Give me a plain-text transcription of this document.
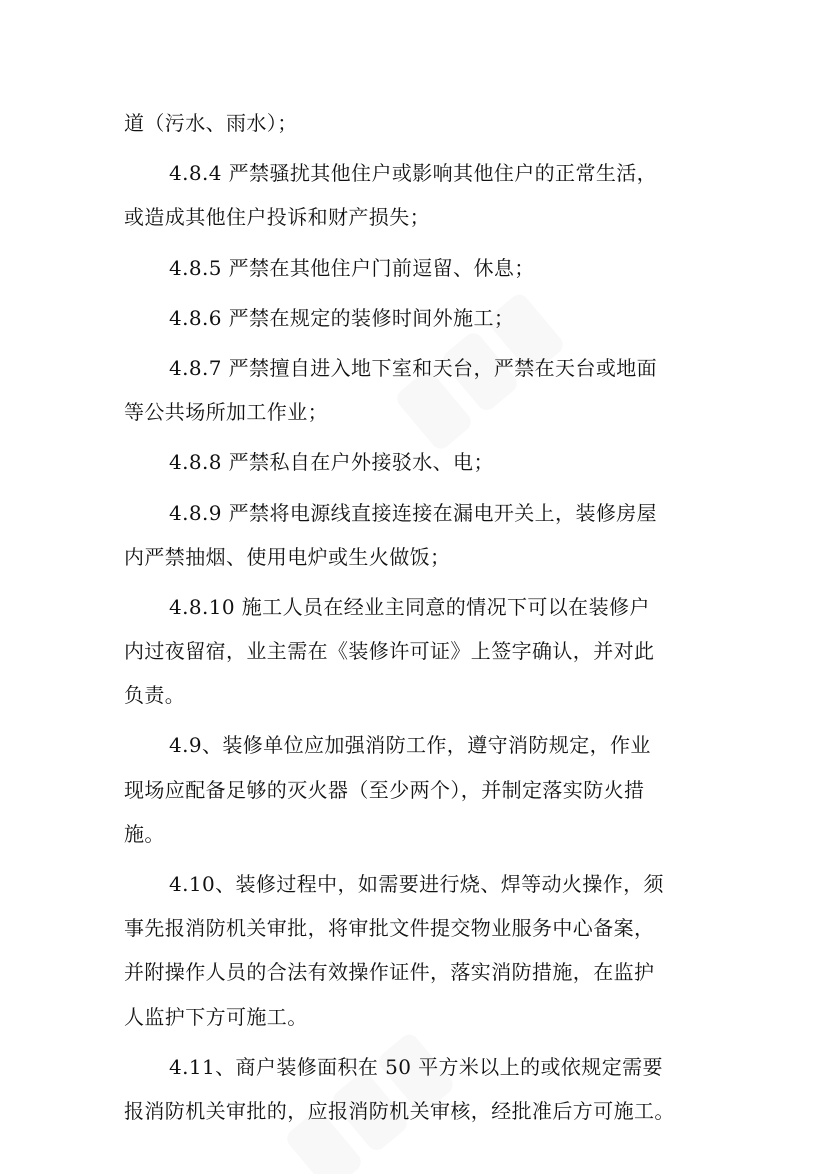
道（污水、雨水）；
4.8.4 严禁骚扰其他住户或影响其他住户的正常生活，
或造成其他住户投诉和财产损失；
4.8.5 严禁在其他住户门前逗留、休息；
4.8.6 严禁在规定的装修时间外施工；
4.8.7 严禁擅自进入地下室和天台，严禁在天台或地面
等公共场所加工作业；
4.8.8 严禁私自在户外接驳水、电；
4.8.9 严禁将电源线直接连接在漏电开关上，装修房屋
内严禁抽烟、使用电炉或生火做饭；
4.8.10 施工人员在经业主同意的情况下可以在装修户
内过夜留宿，业主需在《装修许可证》上签字确认，并对此
负责。
4.9、装修单位应加强消防工作，遵守消防规定，作业
现场应配备足够的灭火器（至少两个），并制定落实防火措
施。
4.10、装修过程中，如需要进行烧、焊等动火操作，须
事先报消防机关审批，将审批文件提交物业服务中心备案，
并附操作人员的合法有效操作证件，落实消防措施，在监护
人监护下方可施工。
4.11、商户装修面积在 50 平方米以上的或依规定需要
报消防机关审批的，应报消防机关审核，经批准后方可施工。
